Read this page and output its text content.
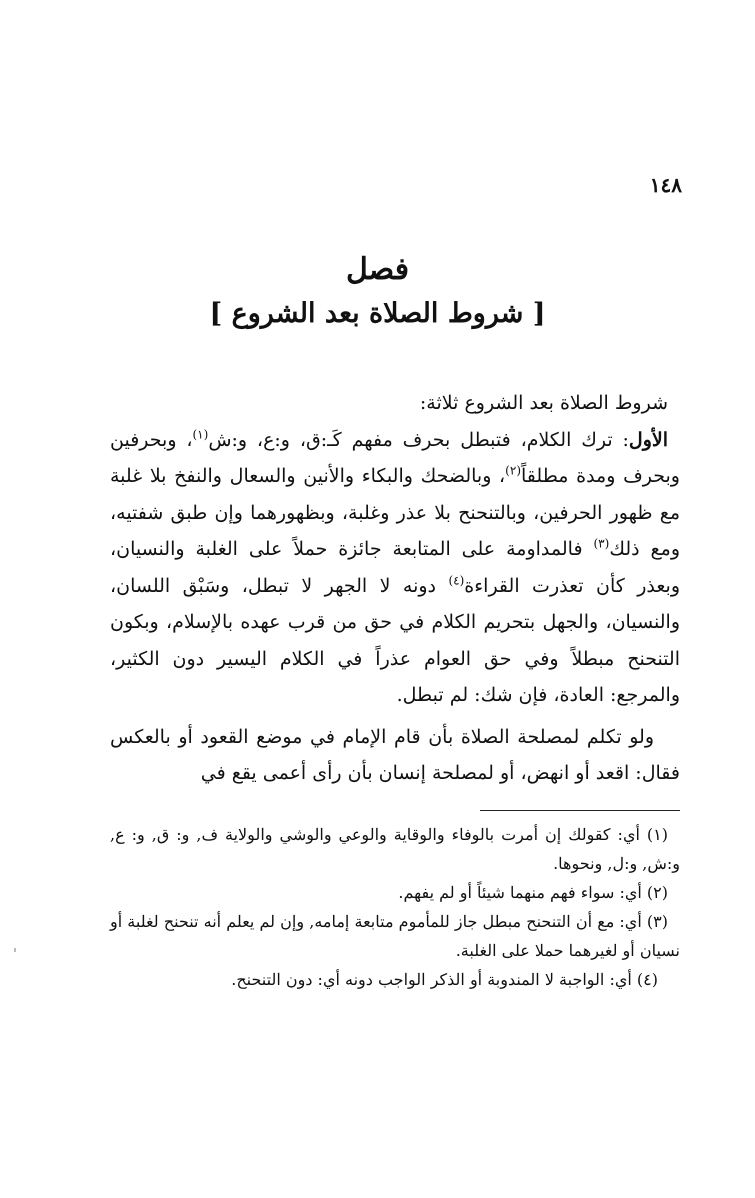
١٤٨
فصل
[ شروط الصلاة بعد الشروع ]

شروط الصلاة بعد الشروع ثلاثة:

الأول: ترك الكلام، فتبطل بحرف مفهم كَـ:ق، و:ع، و:ش$^{(١)}$، وبحرفين وبحرف ومدة مطلقاً$^{(٢)}$، وبالضحك والبكاء والأنين والسعال والنفخ بلا غلبة مع ظهور الحرفين، وبالتنحنح بلا عذر وغلبة، وبظهورهما وإن طبق شفتيه، ومع ذلك$^{(٣)}$ فالمداومة على المتابعة جائزة حملاً على الغلبة والنسيان، وبعذر كأن تعذرت القراءة$^{(٤)}$ دونه لا الجهر لا تبطل، وسَبْق اللسان، والنسيان، والجهل بتحريم الكلام في حق من قرب عهده بالإسلام، وبكون التنحنح مبطلاً وفي حق العوام عذراً في الكلام اليسير دون الكثير، والمرجع: العادة، فإن شك: لم تبطل.

ولو تكلم لمصلحة الصلاة بأن قام الإمام في موضع القعود أو بالعكس فقال: اقعد أو انهض، أو لمصلحة إنسان بأن رأى أعمى يقع في

(١) أي: كقولك إن أمرت بالوفاء والوقاية والوعي والوشي والولاية ف, و: ق, و: ع, و:ش, و:ل, ونحوها.

(٢) أي: سواء فهم منهما شيئاً أو لم يفهم.

(٣) أي: مع أن التنحنح مبطل جاز للمأموم متابعة إمامه, وإن لم يعلم أنه تنحنح لغلبة أو نسيان أو لغيرهما حملا على الغلبة.

(٤) أي: الواجبة لا المندوبة أو الذكر الواجب دونه أي: دون التنحنح.
